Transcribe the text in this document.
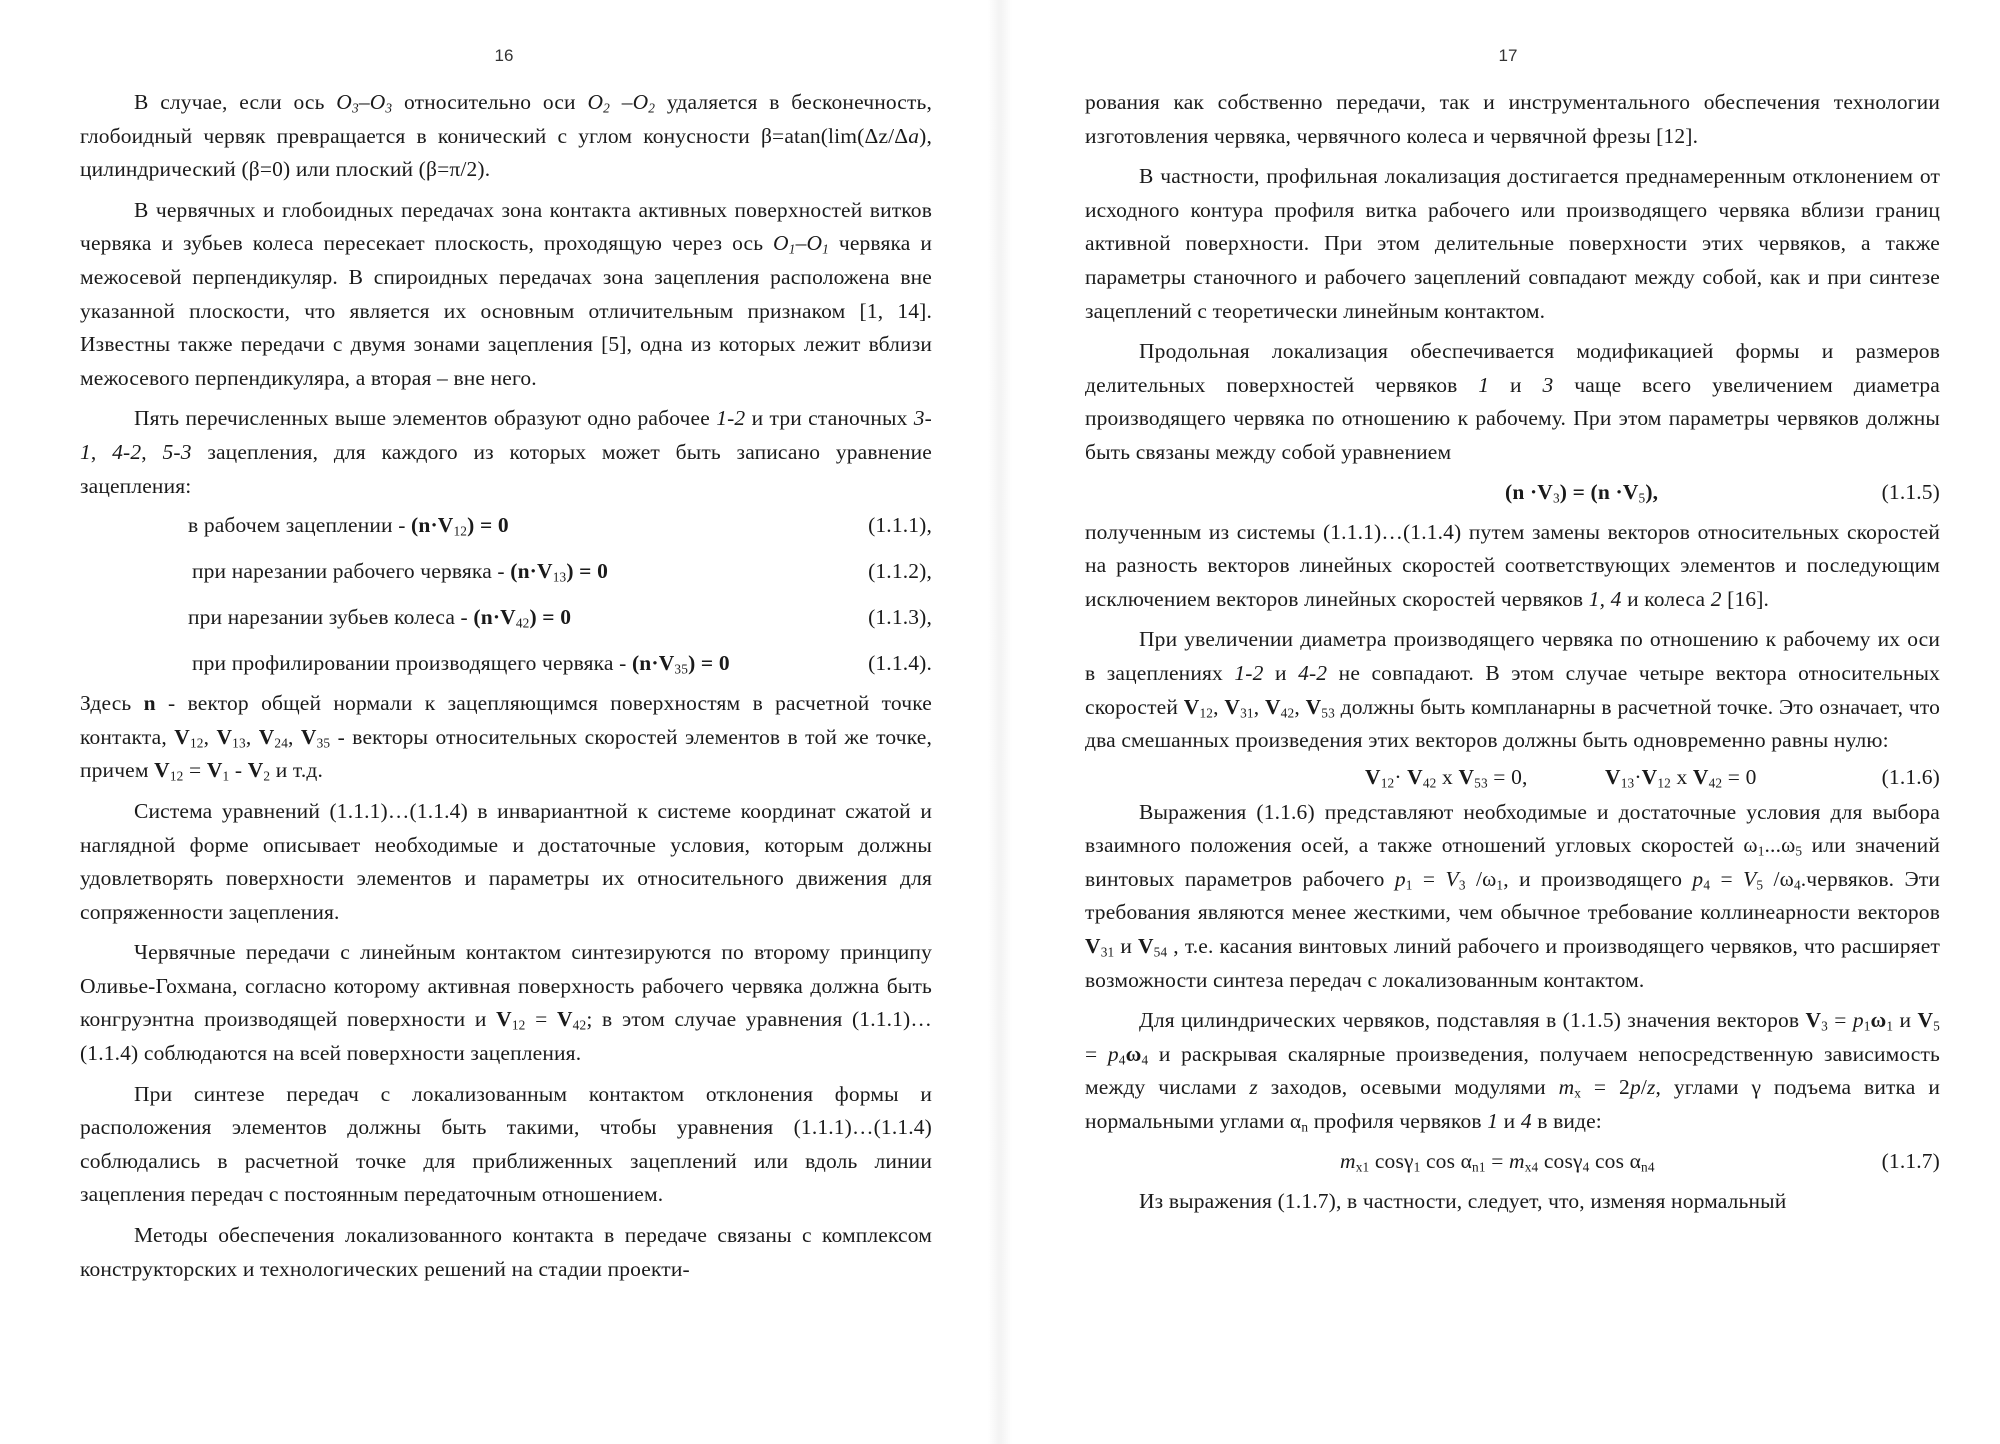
16

В случае, если ось $O_3-O_3$ относительно оси $O_2$ $-O_2$ удаляется в бесконечность, глобоидный червяк превращается в конический с углом конусности β=atan(lim(Δz/Δa), цилиндрический (β=0) или плоский (β=π/2).

В червячных и глобоидных передачах зона контакта активных поверхностей витков червяка и зубьев колеса пересекает плоскость, проходящую через ось $O_1-O_1$ червяка и межосевой перпендикуляр. В спироидных передачах зона зацепления расположена вне указанной плоскости, что является их основным отличительным признаком [1, 14]. Известны также передачи с двумя зонами зацепления [5], одна из которых лежит вблизи межосевого перпендикуляра, а вторая – вне него.

Пять перечисленных выше элементов образуют одно рабочее 1-2 и три станочных 3-1, 4-2, 5-3 зацепления, для каждого из которых может быть записано уравнение зацепления:

в рабочем зацеплении - $(n\cdot V_{12}) = 0$	(1.1.1),
при нарезании рабочего червяка - $(n\cdot V_{13}) = 0$	(1.1.2),
при нарезании зубьев колеса - $(n\cdot V_{42}) = 0$	(1.1.3),
при профилировании производящего червяка - $(n\cdot V_{35}) = 0$	(1.1.4).

Здесь n - вектор общей нормали к зацепляющимся поверхностям в расчетной точке контакта, $V_{12}$, $V_{13}$, $V_{24}$, $V_{35}$ - векторы относительных скоростей элементов в той же точке, причем $V_{12} = V_1 - V_2$ и т.д.

Система уравнений (1.1.1)…(1.1.4) в инвариантной к системе координат сжатой и наглядной форме описывает необходимые и достаточные условия, которым должны удовлетворять поверхности элементов и параметры их относительного движения для сопряженности зацепления.

Червячные передачи с линейным контактом синтезируются по второму принципу Оливье-Гохмана, согласно которому активная поверхность рабочего червяка должна быть конгруэнтна производящей поверхности и $V_{12} = V_{42}$; в этом случае уравнения (1.1.1)…(1.1.4) соблюдаются на всей поверхности зацепления.

При синтезе передач с локализованным контактом отклонения формы и расположения элементов должны быть такими, чтобы уравнения (1.1.1)…(1.1.4) соблюдались в расчетной точке для приближенных зацеплений или вдоль линии зацепления передач с постоянным передаточным отношением.

Методы обеспечения локализованного контакта в передаче связаны с комплексом конструкторских и технологических решений на стадии проекти-

17

рования как собственно передачи, так и инструментального обеспечения технологии изготовления червяка, червячного колеса и червячной фрезы [12].

В частности, профильная локализация достигается преднамеренным отклонением от исходного контура профиля витка рабочего или производящего червяка вблизи границ активной поверхности. При этом делительные поверхности этих червяков, а также параметры станочного и рабочего зацеплений совпадают между собой, как и при синтезе зацеплений с теоретически линейным контактом.

Продольная локализация обеспечивается модификацией формы и размеров делительных поверхностей червяков 1 и 3 чаще всего увеличением диаметра производящего червяка по отношению к рабочему. При этом параметры червяков должны быть связаны между собой уравнением

$(n \cdot V_3) = (n \cdot V_5)$,	(1.1.5)

полученным из системы (1.1.1)…(1.1.4) путем замены векторов относительных скоростей на разность векторов линейных скоростей соответствующих элементов и последующим исключением векторов линейных скоростей червяков 1, 4 и колеса 2 [16].

При увеличении диаметра производящего червяка по отношению к рабочему их оси в зацеплениях 1-2 и 4-2 не совпадают. В этом случае четыре вектора относительных скоростей $V_{12}$, $V_{31}$, $V_{42}$, $V_{53}$ должны быть компланарны в расчетной точке. Это означает, что два смешанных произведения этих векторов должны быть одновременно равны нулю:

$V_{12}\cdot V_{42}$ x $V_{53} = 0$,	$V_{13}\cdot V_{12}$ x $V_{42} = 0$	(1.1.6)

Выражения (1.1.6) представляют необходимые и достаточные условия для выбора взаимного положения осей, а также отношений угловых скоростей $\omega_1...\omega_5$ или значений винтовых параметров рабочего $p_1 = V_3$ $/\omega_1$, и производящего $p_4 = V_5$ $/\omega_4.червяков$. Эти требования являются менее жесткими, чем обычное требование коллинеарности векторов $V_{31}$ и $V_{54}$ , т.е. касания винтовых линий рабочего и производящего червяков, что расширяет возможности синтеза передач с локализованным контактом.

Для цилиндрических червяков, подставляя в (1.1.5) значения векторов $V_3 = p_1\omega_1$ и $V_5 = p_4\omega_4$ и раскрывая скалярные произведения, получаем непосредственную зависимость между числами z заходов, осевыми модулями $m_x = 2p/z$, углами γ подъема витка и нормальными углами $\alpha_n$ профиля червяков 1 и 4 в виде:

$m_{x1}$ cosγ$_1$ $\cos \alpha_{n1} = m_{x4}$ cosγ$_4$ $\cos \alpha_{n4}$	(1.1.7)

Из выражения (1.1.7), в частности, следует, что, изменяя нормальный
